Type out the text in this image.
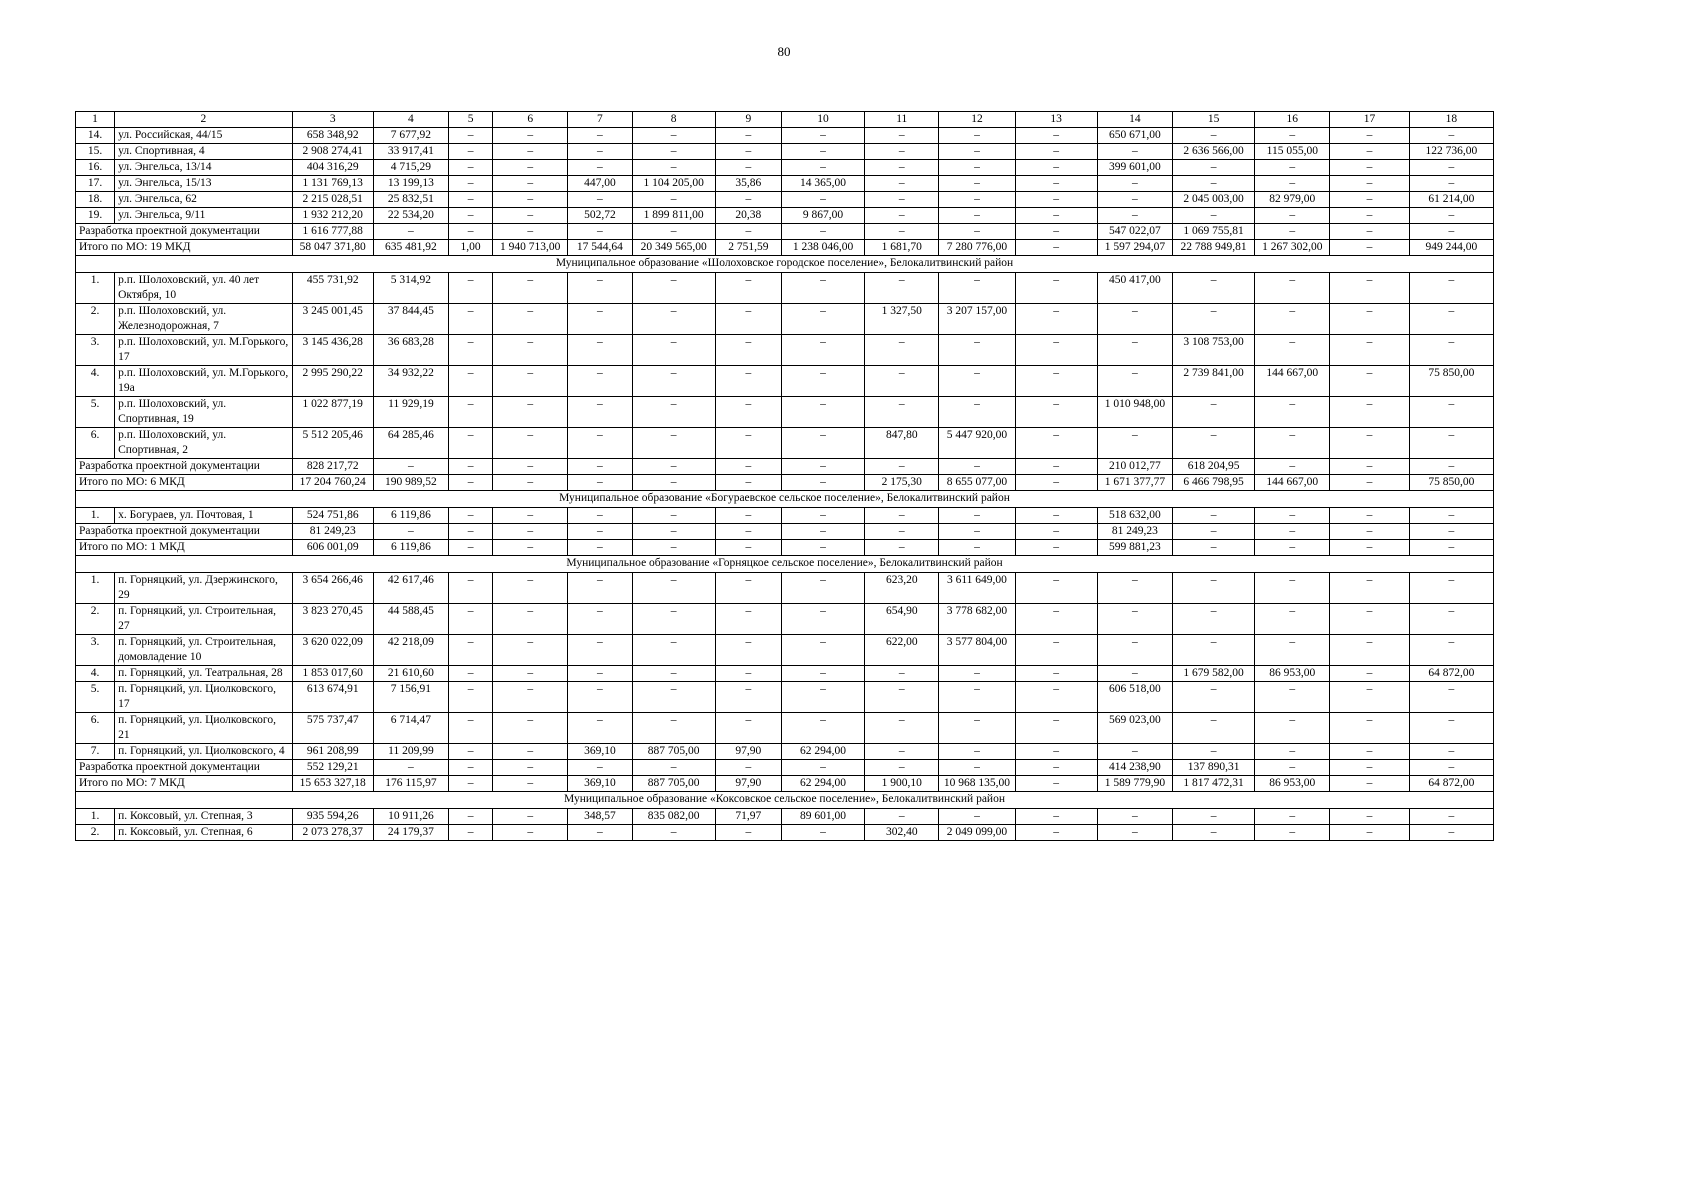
80
1	2	3	4	5	6	7	8	9	10	11	12	13	14	15	16	17	18
14.	ул. Российская, 44/15	658 348,92	7 677,92	–	–	–	–	–	–	–	–	–	650 671,00	–	–	–	–
15.	ул. Спортивная, 4	2 908 274,41	33 917,41	–	–	–	–	–	–	–	–	–	–	2 636 566,00	115 055,00	–	122 736,00
16.	ул. Энгельса, 13/14	404 316,29	4 715,29	–	–	–	–	–	–	–	–	–	399 601,00	–	–	–	–
17.	ул. Энгельса, 15/13	1 131 769,13	13 199,13	–	–	447,00	1 104 205,00	35,86	14 365,00	–	–	–	–	–	–	–	–
18.	ул. Энгельса, 62	2 215 028,51	25 832,51	–	–	–	–	–	–	–	–	–	–	2 045 003,00	82 979,00	–	61 214,00
19.	ул. Энгельса, 9/11	1 932 212,20	22 534,20	–	–	502,72	1 899 811,00	20,38	9 867,00	–	–	–	–	–	–	–	–
Разработка проектной документации		1 616 777,88	–	–	–	–	–	–	–	–	–	–	547 022,07	1 069 755,81	–	–	–
Итого по МО: 19 МКД		58 047 371,80	635 481,92	1,00	1 940 713,00	17 544,64	20 349 565,00	2 751,59	1 238 046,00	1 681,70	7 280 776,00	–	1 597 294,07	22 788 949,81	1 267 302,00	–	949 244,00
Муниципальное образование «Шолоховское городское поселение», Белокалитвинский район																	
1.	р.п. Шолоховский, ул. 40 лет Октября, 10	455 731,92	5 314,92	–	–	–	–	–	–	–	–	–	450 417,00	–	–	–	–
2.	р.п. Шолоховский, ул. Железнодорожная, 7	3 245 001,45	37 844,45	–	–	–	–	–	–	1 327,50	3 207 157,00	–	–	–	–	–	–
3.	р.п. Шолоховский, ул. М.Горького, 17	3 145 436,28	36 683,28	–	–	–	–	–	–	–	–	–	–	3 108 753,00	–	–	–
4.	р.п. Шолоховский, ул. М.Горького, 19а	2 995 290,22	34 932,22	–	–	–	–	–	–	–	–	–	–	2 739 841,00	144 667,00	–	75 850,00
5.	р.п. Шолоховский, ул. Спортивная, 19	1 022 877,19	11 929,19	–	–	–	–	–	–	–	–	–	1 010 948,00	–	–	–	–
6.	р.п. Шолоховский, ул. Спортивная, 2	5 512 205,46	64 285,46	–	–	–	–	–	–	847,80	5 447 920,00	–	–	–	–	–	–
Разработка проектной документации		828 217,72	–	–	–	–	–	–	–	–	–	–	210 012,77	618 204,95	–	–	–
Итого по МО: 6 МКД		17 204 760,24	190 989,52	–	–	–	–	–	–	2 175,30	8 655 077,00	–	1 671 377,77	6 466 798,95	144 667,00	–	75 850,00
Муниципальное образование «Богураевское сельское поселение», Белокалитвинский район																	
1.	х. Богураев, ул. Почтовая, 1	524 751,86	6 119,86	–	–	–	–	–	–	–	–	–	518 632,00	–	–	–	–
Разработка проектной документации		81 249,23	–	–	–	–	–	–	–	–	–	–	81 249,23	–	–	–	–
Итого по МО: 1 МКД		606 001,09	6 119,86	–	–	–	–	–	–	–	–	–	599 881,23	–	–	–	–
Муниципальное образование «Горняцкое сельское поселение», Белокалитвинский район																	
1.	п. Горняцкий, ул. Дзержинского, 29	3 654 266,46	42 617,46	–	–	–	–	–	–	623,20	3 611 649,00	–	–	–	–	–	–
2.	п. Горняцкий, ул. Строительная, 27	3 823 270,45	44 588,45	–	–	–	–	–	–	654,90	3 778 682,00	–	–	–	–	–	–
3.	п. Горняцкий, ул. Строительная, домовладение 10	3 620 022,09	42 218,09	–	–	–	–	–	–	622,00	3 577 804,00	–	–	–	–	–	–
4.	п. Горняцкий, ул. Театральная, 28	1 853 017,60	21 610,60	–	–	–	–	–	–	–	–	–	–	1 679 582,00	86 953,00	–	64 872,00
5.	п. Горняцкий, ул. Циолковского, 17	613 674,91	7 156,91	–	–	–	–	–	–	–	–	–	606 518,00	–	–	–	–
6.	п. Горняцкий, ул. Циолковского, 21	575 737,47	6 714,47	–	–	–	–	–	–	–	–	–	569 023,00	–	–	–	–
7.	п. Горняцкий, ул. Циолковского, 4	961 208,99	11 209,99	–	–	369,10	887 705,00	97,90	62 294,00	–	–	–	–	–	–	–	–
Разработка проектной документации		552 129,21	–	–	–	–	–	–	–	–	–	–	414 238,90	137 890,31	–	–	–
Итого по МО: 7 МКД		15 653 327,18	176 115,97	–	–	369,10	887 705,00	97,90	62 294,00	1 900,10	10 968 135,00	–	1 589 779,90	1 817 472,31	86 953,00	–	64 872,00
Муниципальное образование «Коксовское сельское поселение», Белокалитвинский район																	
1.	п. Коксовый, ул. Степная, 3	935 594,26	10 911,26	–	–	348,57	835 082,00	71,97	89 601,00	–	–	–	–	–	–	–	–
2.	п. Коксовый, ул. Степная, 6	2 073 278,37	24 179,37	–	–	–	–	–	–	302,40	2 049 099,00	–	–	–	–	–	–
